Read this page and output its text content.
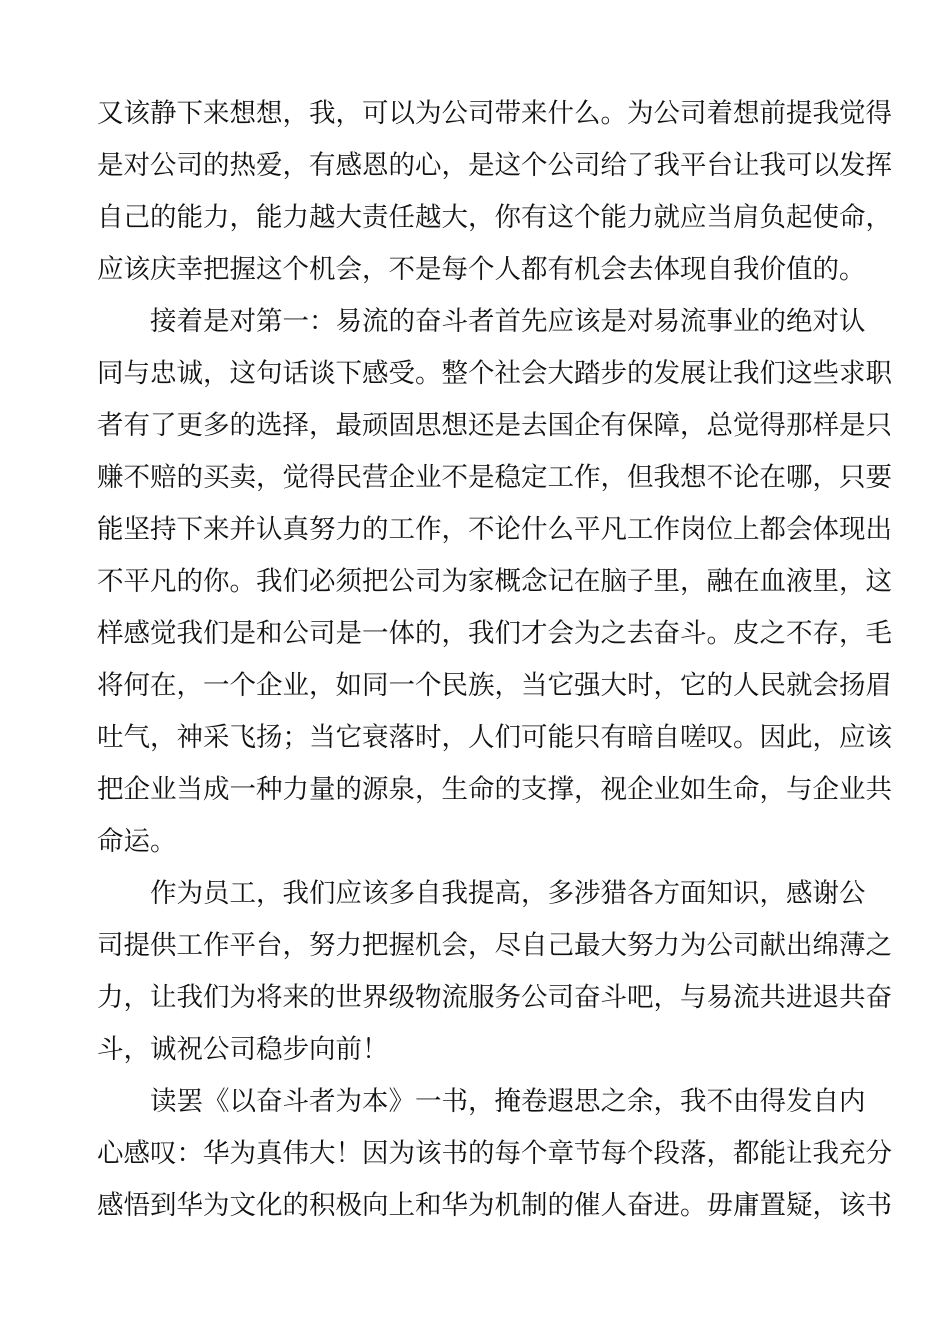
又该静下来想想，我，可以为公司带来什么。为公司着想前提我觉得
是对公司的热爱，有感恩的心，是这个公司给了我平台让我可以发挥
自己的能力，能力越大责任越大，你有这个能力就应当肩负起使命，
应该庆幸把握这个机会，不是每个人都有机会去体现自我价值的。
接着是对第一：易流的奋斗者首先应该是对易流事业的绝对认
同与忠诚，这句话谈下感受。整个社会大踏步的发展让我们这些求职
者有了更多的选择，最顽固思想还是去国企有保障，总觉得那样是只
赚不赔的买卖，觉得民营企业不是稳定工作，但我想不论在哪，只要
能坚持下来并认真努力的工作，不论什么平凡工作岗位上都会体现出
不平凡的你。我们必须把公司为家概念记在脑子里，融在血液里，这
样感觉我们是和公司是一体的，我们才会为之去奋斗。皮之不存，毛
将何在，一个企业，如同一个民族，当它强大时，它的人民就会扬眉
吐气，神采飞扬；当它衰落时，人们可能只有暗自嗟叹。因此，应该
把企业当成一种力量的源泉，生命的支撑，视企业如生命，与企业共
命运。
作为员工，我们应该多自我提高，多涉猎各方面知识，感谢公
司提供工作平台，努力把握机会，尽自己最大努力为公司献出绵薄之
力，让我们为将来的世界级物流服务公司奋斗吧，与易流共进退共奋
斗，诚祝公司稳步向前！
读罢《以奋斗者为本》一书，掩卷遐思之余，我不由得发自内
心感叹：华为真伟大！因为该书的每个章节每个段落，都能让我充分
感悟到华为文化的积极向上和华为机制的催人奋进。毋庸置疑，该书
